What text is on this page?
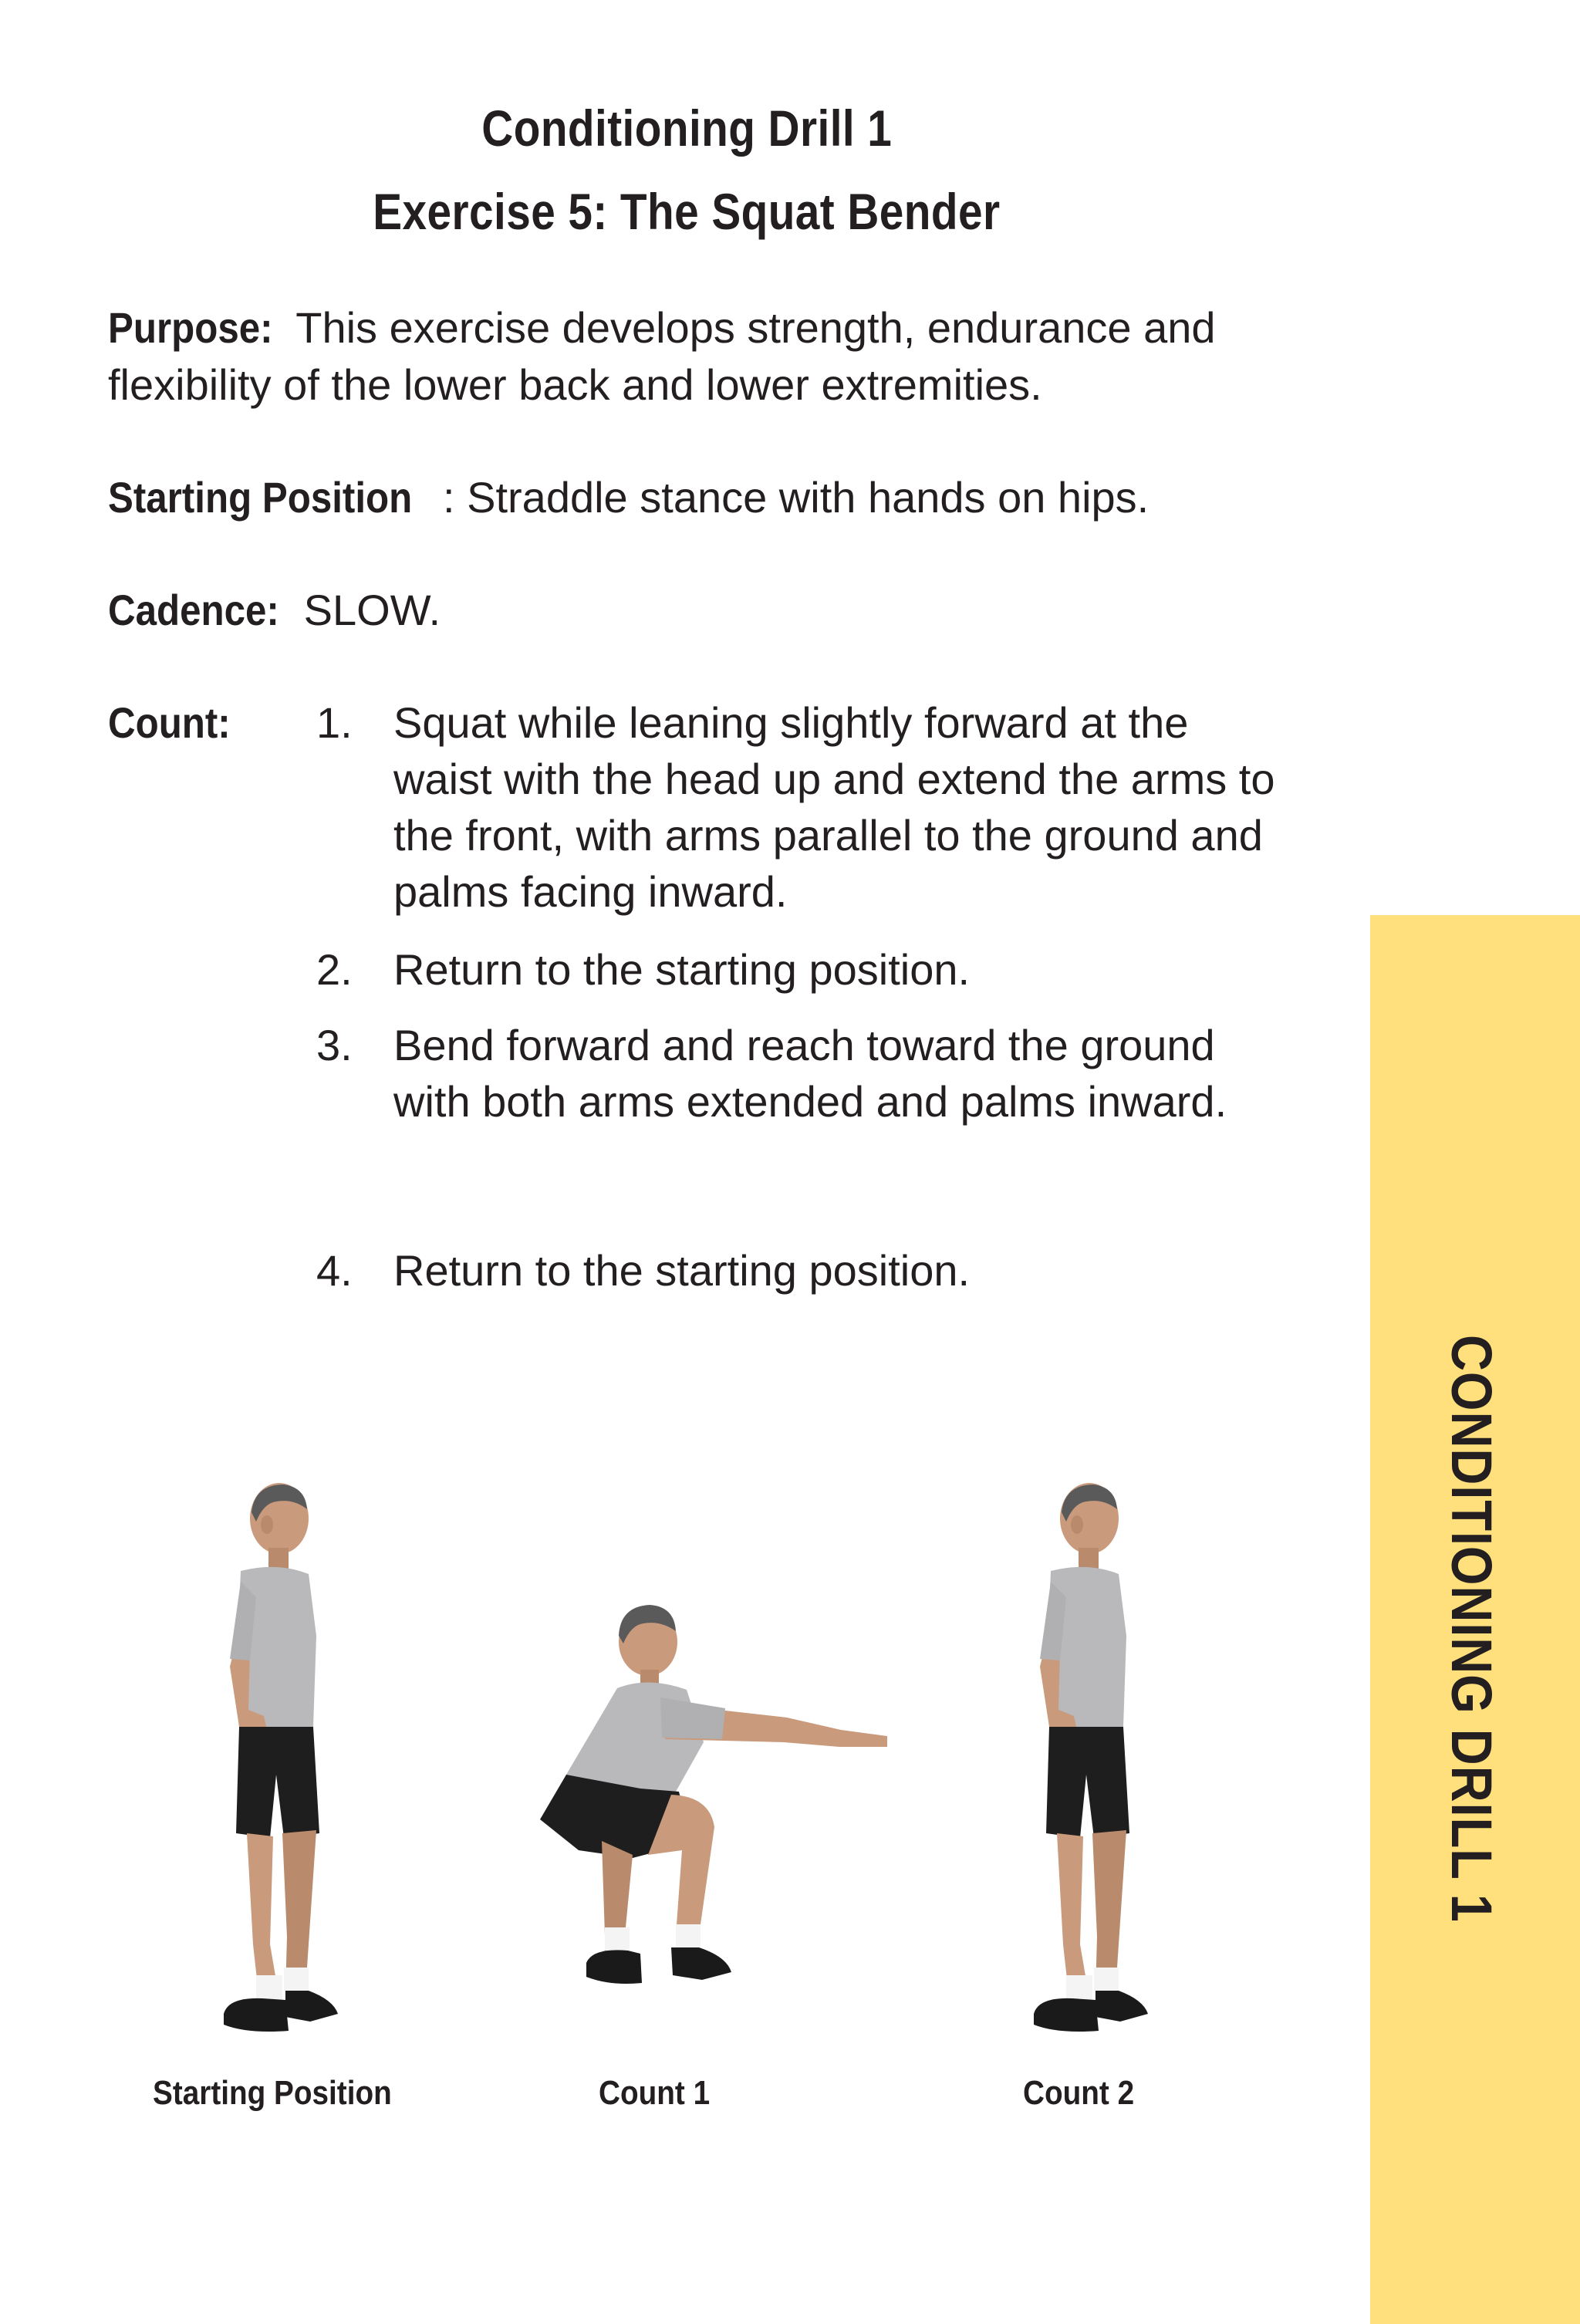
Conditioning Drill 1
Exercise 5: The Squat Bender
Purpose: This exercise develops strength, endurance and flexibility of the lower back and lower extremities.
Starting Position : Straddle stance with hands on hips.
Cadence: SLOW.
Count: 1. Squat while leaning slightly forward at the waist with the head up and extend the arms to the front, with arms parallel to the ground and palms facing inward.
2. Return to the starting position.
3. Bend forward and reach toward the ground with both arms extended and palms inward.
4. Return to the starting position.
CONDITIONING DRILL 1
Starting Position	Count 1	Count 2
